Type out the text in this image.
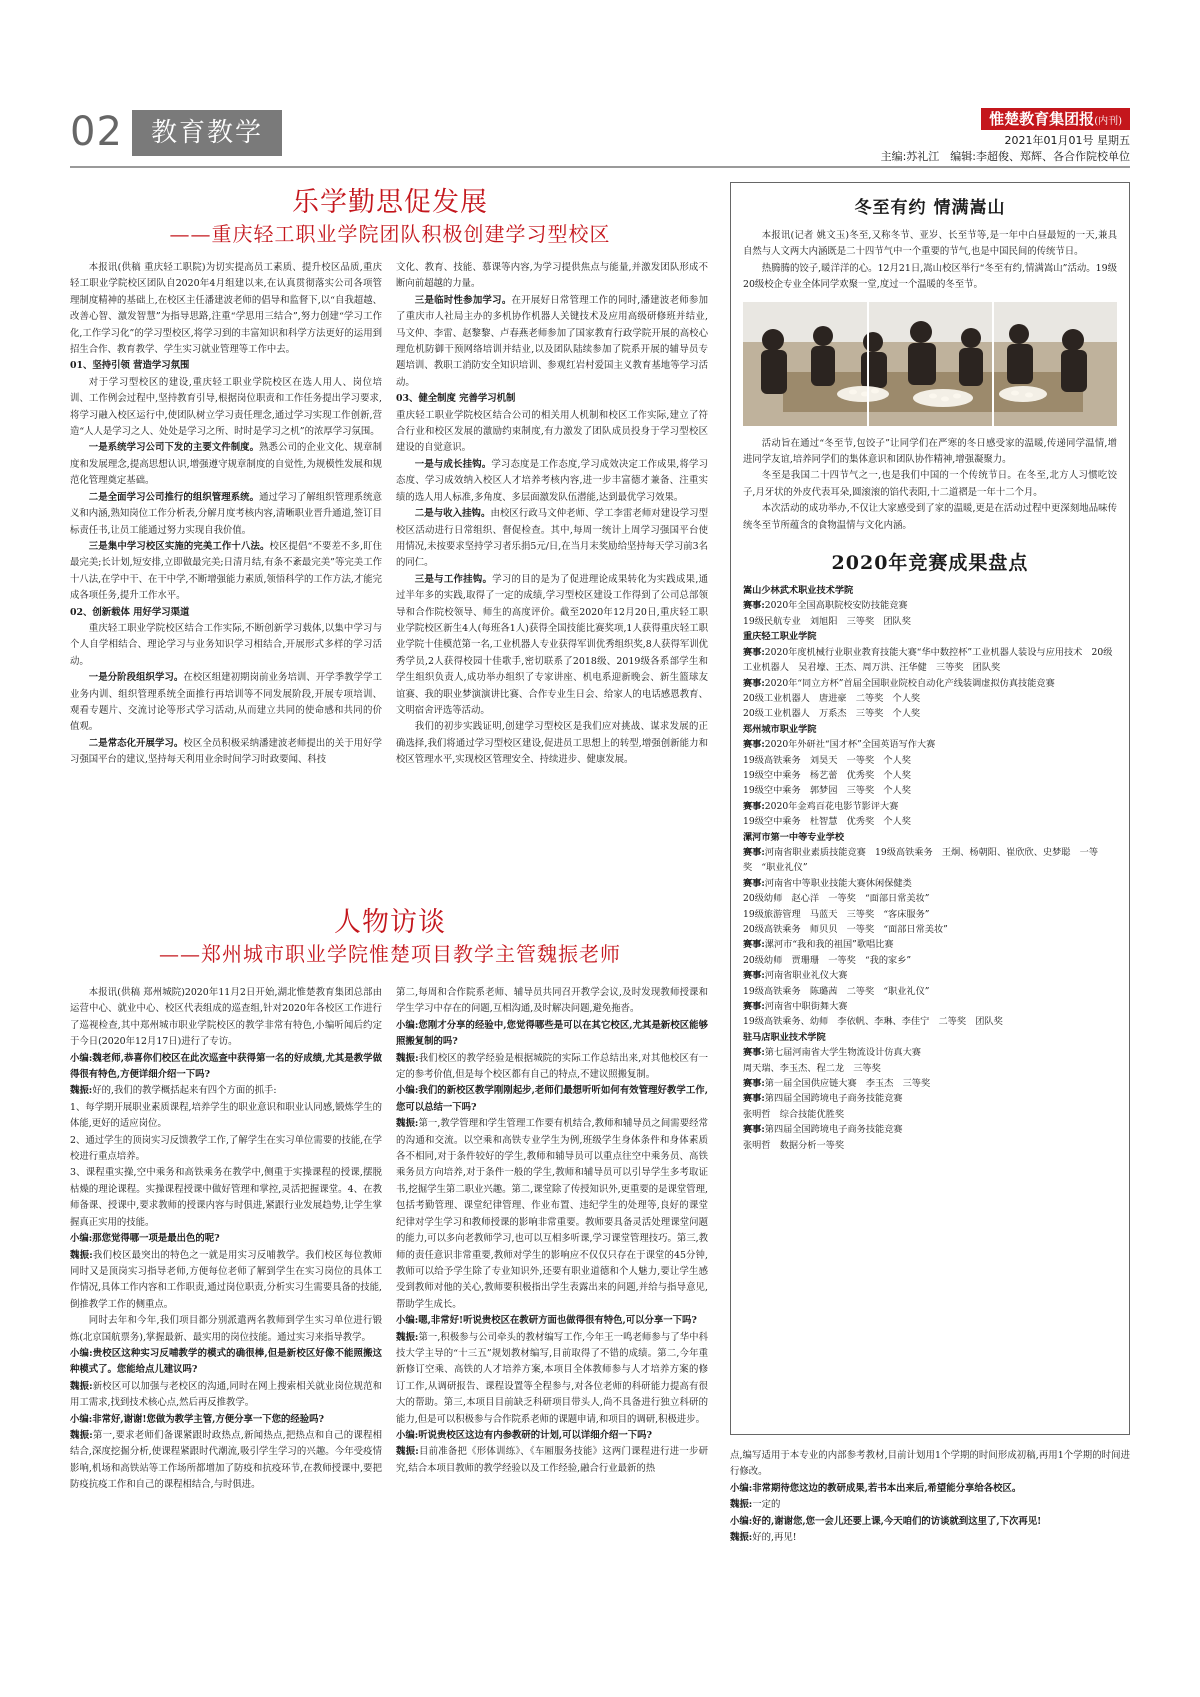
02	教育教学	惟楚教育集团报(内刊)
2021年01月01号 星期五
主编:苏礼江　编辑:李超俊、郑辉、各合作院校单位
乐学勤思促发展
——重庆轻工职业学院团队积极创建学习型校区

本报讯(供稿 重庆轻工职院)为切实提高员工素质、提升校区品质,重庆轻工职业学院校区团队自2020年4月组建以来,在认真贯彻落实公司各项管理制度精神的基础上,在校区主任潘建波老师的倡导和监督下,以“自我超越、改善心智、激发智慧”为指导思路,注重“学思用三结合”,努力创建“学习工作化,工作学习化”的学习型校区,将学习到的丰富知识和科学方法更好的运用到招生合作、教育教学、学生实习就业管理等工作中去。

01、坚持引领 营造学习氛围

对于学习型校区的建设,重庆轻工职业学院校区在选人用人、岗位培训、工作例会过程中,坚持教育引导,根据岗位职责和工作任务提出学习要求,将学习融入校区运行中,使团队树立学习责任理念,通过学习实现工作创新,营造“人人是学习之人、处处是学习之所、时时是学习之机”的浓厚学习氛围。

一是系统学习公司下发的主要文件制度。熟悉公司的企业文化、规章制度和发展理念,提高思想认识,增强遵守规章制度的自觉性,为规模性发展和规范化管理奠定基础。

二是全面学习公司推行的组织管理系统。通过学习了解组织管理系统意义和内涵,熟知岗位工作分析表,分解月度考核内容,清晰职业晋升通道,签订目标责任书,让员工能通过努力实现自我价值。

三是集中学习校区实施的完美工作十八法。校区提倡“不要差不多,盯住最完美;长计划,短安排,立即做最完美;日清月结,有条不紊最完美”等完美工作十八法,在学中干、在干中学,不断增强能力素质,领悟科学的工作方法,才能完成各项任务,提升工作水平。

02、创新载体 用好学习渠道

重庆轻工职业学院校区结合工作实际,不断创新学习载体,以集中学习与个人自学相结合、理论学习与业务知识学习相结合,开展形式多样的学习活动。

一是分阶段组织学习。在校区组建初期岗前业务培训、开学季教学学工业务内训、组织管理系统全面推行再培训等不同发展阶段,开展专项培训、观看专题片、交流讨论等形式学习活动,从而建立共同的使命感和共同的价值观。

二是常态化开展学习。校区全员积极采纳潘建波老师提出的关于用好学习强国平台的建议,坚持每天利用业余时间学习时政要闻、科技

文化、教育、技能、慕课等内容,为学习提供焦点与能量,并激发团队形成不断向前超越的力量。

三是临时性参加学习。在开展好日常管理工作的同时,潘建波老师参加了重庆市人社局主办的多机协作机器人关键技术及应用高级研修班并结业,马文仲、李雷、赵黎黎、卢春燕老师参加了国家教育行政学院开展的高校心理危机防御干预网络培训并结业,以及团队陆续参加了院系开展的辅导员专题培训、教职工消防安全知识培训、参观红岩村爱国主义教育基地等学习活动。

03、健全制度 完善学习机制

重庆轻工职业学院校区结合公司的相关用人机制和校区工作实际,建立了符合行业和校区发展的激励约束制度,有力激发了团队成员投身于学习型校区建设的自觉意识。

一是与成长挂钩。学习态度是工作态度,学习成效决定工作成果,将学习态度、学习成效纳入校区人才培养考核内容,进一步丰富德才兼备、注重实绩的选人用人标准,多角度、多层面激发队伍潜能,达到最优学习效果。

二是与收入挂钩。由校区行政马文仲老师、学工李雷老师对建设学习型校区活动进行日常组织、督促检查。其中,每周一统计上周学习强国平台使用情况,未按要求坚持学习者乐捐5元/日,在当月末奖励给坚持每天学习前3名的同仁。

三是与工作挂钩。学习的目的是为了促进理论成果转化为实践成果,通过半年多的实践,取得了一定的成绩,学习型校区建设工作得到了公司总部领导和合作院校领导、师生的高度评价。截至2020年12月20日,重庆轻工职业学院校区新生4人(每班各1人)获得全国技能比赛奖项,1人获得重庆轻工职业学院十佳模范第一名,工业机器人专业获得军训优秀组织奖,8人获得军训优秀学员,2人获得校园十佳歌手,密切联系了2018级、2019级各系部学生和学生组织负责人,成功举办组织了专家讲座、机电系迎新晚会、新生篮球友谊赛、我的职业梦演演讲比赛、合作专业生日会、给家人的电话感恩教育、文明宿舍评选等活动。

我们的初步实践证明,创建学习型校区是我们应对挑战、谋求发展的正确选择,我们将通过学习型校区建设,促进员工思想上的转型,增强创新能力和校区管理水平,实现校区管理安全、持续进步、健康发展。

人物访谈
——郑州城市职业学院惟楚项目教学主管魏振老师

本报讯(供稿 郑州城院)2020年11月2日开始,湖北惟楚教育集团总部由运营中心、就业中心、校区代表组成的巡查组,针对2020年各校区工作进行了巡视检查,其中郑州城市职业学院校区的教学非常有特色,小编听闻后约定于今日(2020年12月17日)进行了专访。

小编:魏老师,恭喜你们校区在此次巡查中获得第一名的好成绩,尤其是教学做得很有特色,方便详细介绍一下吗?

魏振:好的,我们的教学概括起来有四个方面的抓手:

1、每学期开展职业素质课程,培养学生的职业意识和职业认同感,锻炼学生的体能,更好的适应岗位。

2、通过学生的顶岗实习反馈教学工作,了解学生在实习单位需要的技能,在学校进行重点培养。

3、课程重实操,空中乘务和高铁乘务在教学中,侧重于实操课程的授课,摆脱枯燥的理论课程。实操课程授课中做好管理和掌控,灵活把握课堂。4、在教师备课、授课中,要求教师的授课内容与时俱进,紧跟行业发展趋势,让学生掌握真正实用的技能。

小编:那您觉得哪一项是最出色的呢?

魏振:我们校区最突出的特色之一就是用实习反哺教学。我们校区每位教师同时又是顶岗实习指导老师,方便每位老师了解到学生在实习岗位的具体工作情况,具体工作内容和工作职责,通过岗位职责,分析实习生需要具备的技能,倒推教学工作的侧重点。

同时去年和今年,我们项目都分别派遣两名教师到学生实习单位进行锻炼(北京国航票务),掌握最新、最实用的岗位技能。通过实习来指导教学。

小编:贵校区这种实习反哺教学的模式的确很棒,但是新校区好像不能照搬这种模式了。您能给点儿建议吗?

魏振:新校区可以加强与老校区的沟通,同时在网上搜索相关就业岗位规范和用工需求,找到技术核心点,然后再反推教学。

小编:非常好,谢谢!您做为教学主管,方便分享一下您的经验吗?

魏振:第一,要求老师们备课紧跟时政热点,新闻热点,把热点和自己的课程相结合,深度挖掘分析,使课程紧跟时代潮流,吸引学生学习的兴趣。今年受疫情影响,机场和高铁站等工作场所都增加了防疫和抗疫环节,在教师授课中,要把防疫抗疫工作和自己的课程相结合,与时俱进。

第二,每周和合作院系老师、辅导员共同召开教学会议,及时发现教师授课和学生学习中存在的问题,互相沟通,及时解决问题,避免拖沓。

小编:您刚才分享的经验中,您觉得哪些是可以在其它校区,尤其是新校区能够照搬复制的吗?

魏振:我们校区的教学经验是根据城院的实际工作总结出来,对其他校区有一定的参考价值,但是每个校区都有自己的特点,不建议照搬复制。

小编:我们的新校区教学刚刚起步,老师们最想听听如何有效管理好教学工作,您可以总结一下吗?

魏振:第一,教学管理和学生管理工作要有机结合,教师和辅导员之间需要经常的沟通和交流。以空乘和高铁专业学生为例,班级学生身体条件和身体素质各不相同,对于条件较好的学生,教师和辅导员可以重点往空中乘务员、高铁乘务员方向培养,对于条件一般的学生,教师和辅导员可以引导学生多考取证书,挖掘学生第二职业兴趣。第二,课堂除了传授知识外,更重要的是课堂管理,包括考勤管理、课堂纪律管理、作业布置、违纪学生的处理等,良好的课堂纪律对学生学习和教师授课的影响非常重要。教师要具备灵活处理课堂问题的能力,可以多向老教师学习,也可以互相多听课,学习课堂管理技巧。第三,教师的责任意识非常重要,教师对学生的影响应不仅仅只存在于课堂的45分钟,教师可以给予学生除了专业知识外,还要有职业道德和个人魅力,要让学生感受到教师对他的关心,教师要积极指出学生表露出来的问题,并给与指导意见,帮助学生成长。

小编:嗯,非常好!听说贵校区在教研方面也做得很有特色,可以分享一下吗?

魏振:第一,积极参与公司牵头的教材编写工作,今年王一鸣老师参与了华中科技大学主导的“十三五”规划教材编写,目前取得了不错的成绩。第二,今年重新修订空乘、高铁的人才培养方案,本项目全体教师参与人才培养方案的修订工作,从调研报告、课程设置等全程参与,对各位老师的科研能力提高有很大的帮助。第三,本项目目前缺乏科研项目带头人,尚不具备进行独立科研的能力,但是可以积极参与合作院系老师的课题申请,和项目的调研,积极进步。

小编:听说贵校区这边有内参教研的计划,可以详细介绍一下吗?

魏振:目前准备把《形体训练》、《车厢服务技能》这两门课程进行进一步研究,结合本项目教师的教学经验以及工作经验,融合行业最新的热

点,编写适用于本专业的内部参考教材,目前计划用1个学期的时间形成初稿,再用1个学期的时间进行修改。

小编:非常期待您这边的教研成果,若书本出来后,希望能分享给各校区。

魏振:一定的

小编:好的,谢谢您,您一会儿还要上课,今天咱们的访谈就到这里了,下次再见!

魏振:好的,再见!

冬至有约 情满嵩山

本报讯(记者 姚文玉)冬至,又称冬节、亚岁、长至节等,是一年中白昼最短的一天,兼具自然与人文两大内涵既是二十四节气中一个重要的节气,也是中国民间的传统节日。

热腾腾的饺子,暖洋洋的心。12月21日,嵩山校区举行“冬至有约,情满嵩山”活动。19级20级校企专业全体同学欢聚一堂,度过一个温暖的冬至节。

活动旨在通过“冬至节,包饺子”让同学们在严寒的冬日感受家的温暖,传递同学温情,增进同学友谊,培养同学们的集体意识和团队协作精神,增强凝聚力。

冬至是我国二十四节气之一,也是我们中国的一个传统节日。在冬至,北方人习惯吃饺子,月牙状的外皮代表耳朵,圆滚滚的馅代表阳,十二道褶是一年十二个月。

本次活动的成功举办,不仅让大家感受到了家的温暖,更是在活动过程中更深刻地品味传统冬至节所蕴含的食物温情与文化内涵。

2020年竞赛成果盘点
嵩山少林武术职业技术学院
赛事:2020年全国高职院校安防技能竞赛
19级民航专业　刘旭阳　三等奖　团队奖
重庆轻工职业学院
赛事:2020年度机械行业职业教育技能大赛“华中数控杯”工业机器人装设与应用技术　20级工业机器人　吴君壕、王杰、周万洪、汪华健　三等奖　团队奖
赛事:2020年“同立方杯”首届全国职业院校自动化产线装调虚拟仿真技能竞赛
20级工业机器人　唐进豪　二等奖　个人奖
20级工业机器人　万系杰　三等奖　个人奖
郑州城市职业学院
赛事:2020年外研社“国才杯”全国英语写作大赛
19级高铁乘务　刘昊天　一等奖　个人奖
19级空中乘务　杨艺蕾　优秀奖　个人奖
19级空中乘务　郭梦园　三等奖　个人奖
赛事:2020年金鸡百花电影节影评大赛
19级空中乘务　杜智慧　优秀奖　个人奖
漯河市第一中等专业学校
赛事:河南省职业素质技能竞赛　19级高铁乘务　王炯、杨朝阳、崔欣欣、史梦聪　一等奖　“职业礼仪”
赛事:河南省中等职业技能大赛休闲保健类
20级幼师　赵心洋　一等奖　“面部日常美妆”
19级旅游管理　马蓝天　三等奖　“客床服务”
20级高铁乘务　师贝贝　一等奖　“面部日常美妆”
赛事:漯河市“我和我的祖国”歌唱比赛
20级幼师　贾珊珊　一等奖　“我的家乡”
赛事:河南省职业礼仪大赛
19级高铁乘务　陈璐茜　二等奖　“职业礼仪”
赛事:河南省中职街舞大赛
19级高铁乘务、幼师　李依帆、李琳、李佳宁　二等奖　团队奖
驻马店职业技术学院
赛事:第七届河南省大学生物流设计仿真大赛
周天瑞、李玉杰、程二龙　三等奖
赛事:第一届全国供应链大赛　李玉杰　三等奖
赛事:第四届全国跨境电子商务技能竞赛
张明哲　综合技能优胜奖
赛事:第四届全国跨境电子商务技能竞赛
张明哲　数据分析一等奖
